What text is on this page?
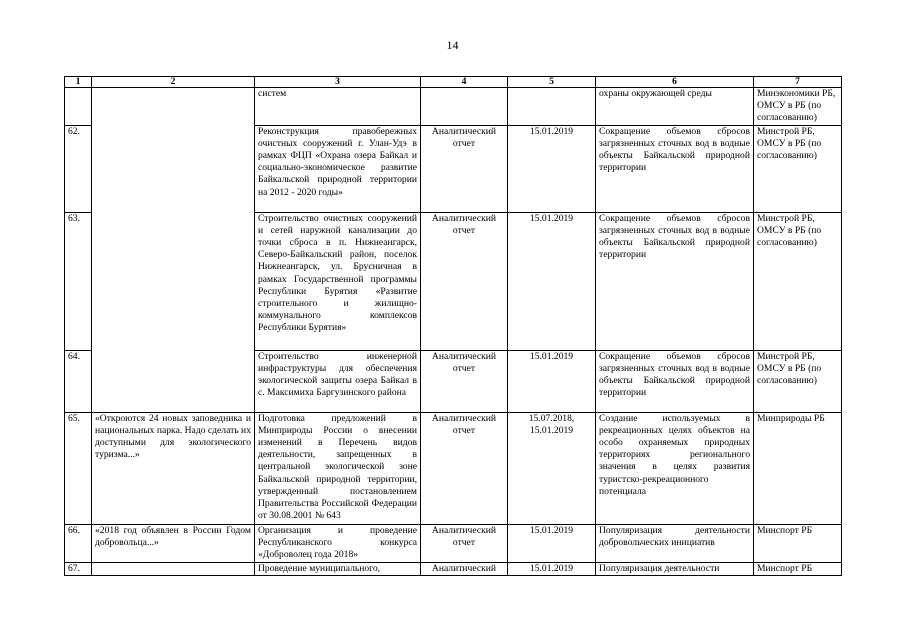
14
1	2	3	4	5	6	7
		систем			охраны окружающей среды	Минэкономики РБ, ОМСУ в РБ (по согласованию)
62.		Реконструкция правобережных очистных сооружений г. Улан-Удэ в рамках ФЦП «Охрана озера Байкал и социально-экономическое развитие Байкальской природной территории на 2012 - 2020 годы»	Аналитический отчет	15.01.2019	Сокращение объемов сбросов загрязненных сточных вод в водные объекты Байкальской природной территории	Минстрой РБ, ОМСУ в РБ (по согласованию)
63.		Строительство очистных сооружений и сетей наружной канализации до точки сброса в п. Нижнеангарск, Северо-Байкальский район, поселок Нижнеангарск, ул. Брусничная в рамках Государственной программы Республики Бурятия «Развитие строительного и жилищно-коммунального комплексов Республики Бурятия»	Аналитический отчет	15.01.2019	Сокращение объемов сбросов загрязненных сточных вод в водные объекты Байкальской природной территории	Минстрой РБ, ОМСУ в РБ (по согласованию)
64.		Строительство инженерной инфраструктуры для обеспечения экологической защиты озера Байкал в с. Максимиха Баргузинского района	Аналитический отчет	15.01.2019	Сокращение объемов сбросов загрязненных сточных вод в водные объекты Байкальской природной территории	Минстрой РБ, ОМСУ в РБ (по согласованию)
65.	«Откроются 24 новых заповедника и национальных парка. Надо сделать их доступными для экологического туризма...»	Подготовка предложений в Минприроды России о внесении изменений в Перечень видов деятельности, запрещенных в центральной экологической зоне Байкальской природной территории, утвержденный постановлением Правительства Российской Федерации от 30.08.2001 № 643	Аналитический отчет	15.07.2018, 15.01.2019	Создание используемых в рекреационных целях объектов на особо охраняемых природных территориях регионального значения в целях развития туристско-рекреационного потенциала	Минприроды РБ
66.	«2018 год объявлен в России Годом добровольца...»	Организация и проведение Республиканского конкурса «Доброволец года 2018»	Аналитический отчет	15.01.2019	Популяризация деятельности добровольческих инициатив	Минспорт РБ
67.		Проведение муниципального,	Аналитический	15.01.2019	Популяризация деятельности	Минспорт РБ
